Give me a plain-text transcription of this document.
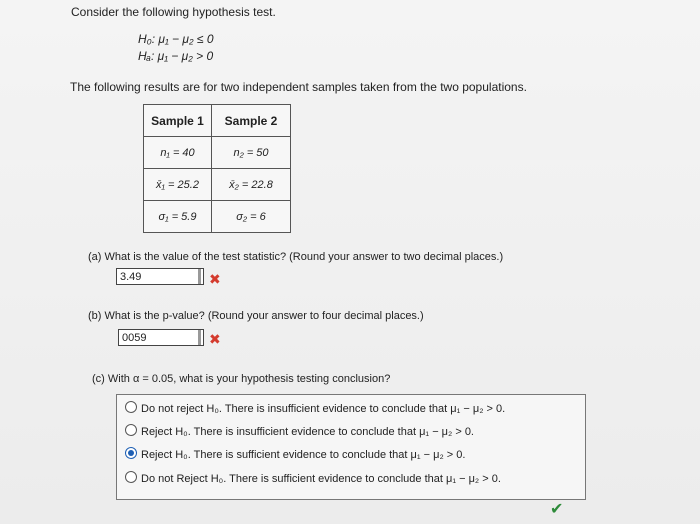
Consider the following hypothesis test.
H₀: μ₁ − μ₂ ≤ 0
Hₐ: μ₁ − μ₂ > 0
The following results are for two independent samples taken from the two populations.
Sample 1	Sample 2
n₁ = 40	n₂ = 50
x̄₁ = 25.2	x̄₂ = 22.8
σ₁ = 5.9	σ₂ = 6
(a) What is the value of the test statistic? (Round your answer to two decimal places.)
3.49	✖
(b) What is the p-value? (Round your answer to four decimal places.)
0059	✖
(c) With α = 0.05, what is your hypothesis testing conclusion?
Do not reject H₀. There is insufficient evidence to conclude that μ₁ − μ₂ > 0.
Reject H₀. There is insufficient evidence to conclude that μ₁ − μ₂ > 0.
Reject H₀. There is sufficient evidence to conclude that μ₁ − μ₂ > 0.
Do not Reject H₀. There is sufficient evidence to conclude that μ₁ − μ₂ > 0.
✔
